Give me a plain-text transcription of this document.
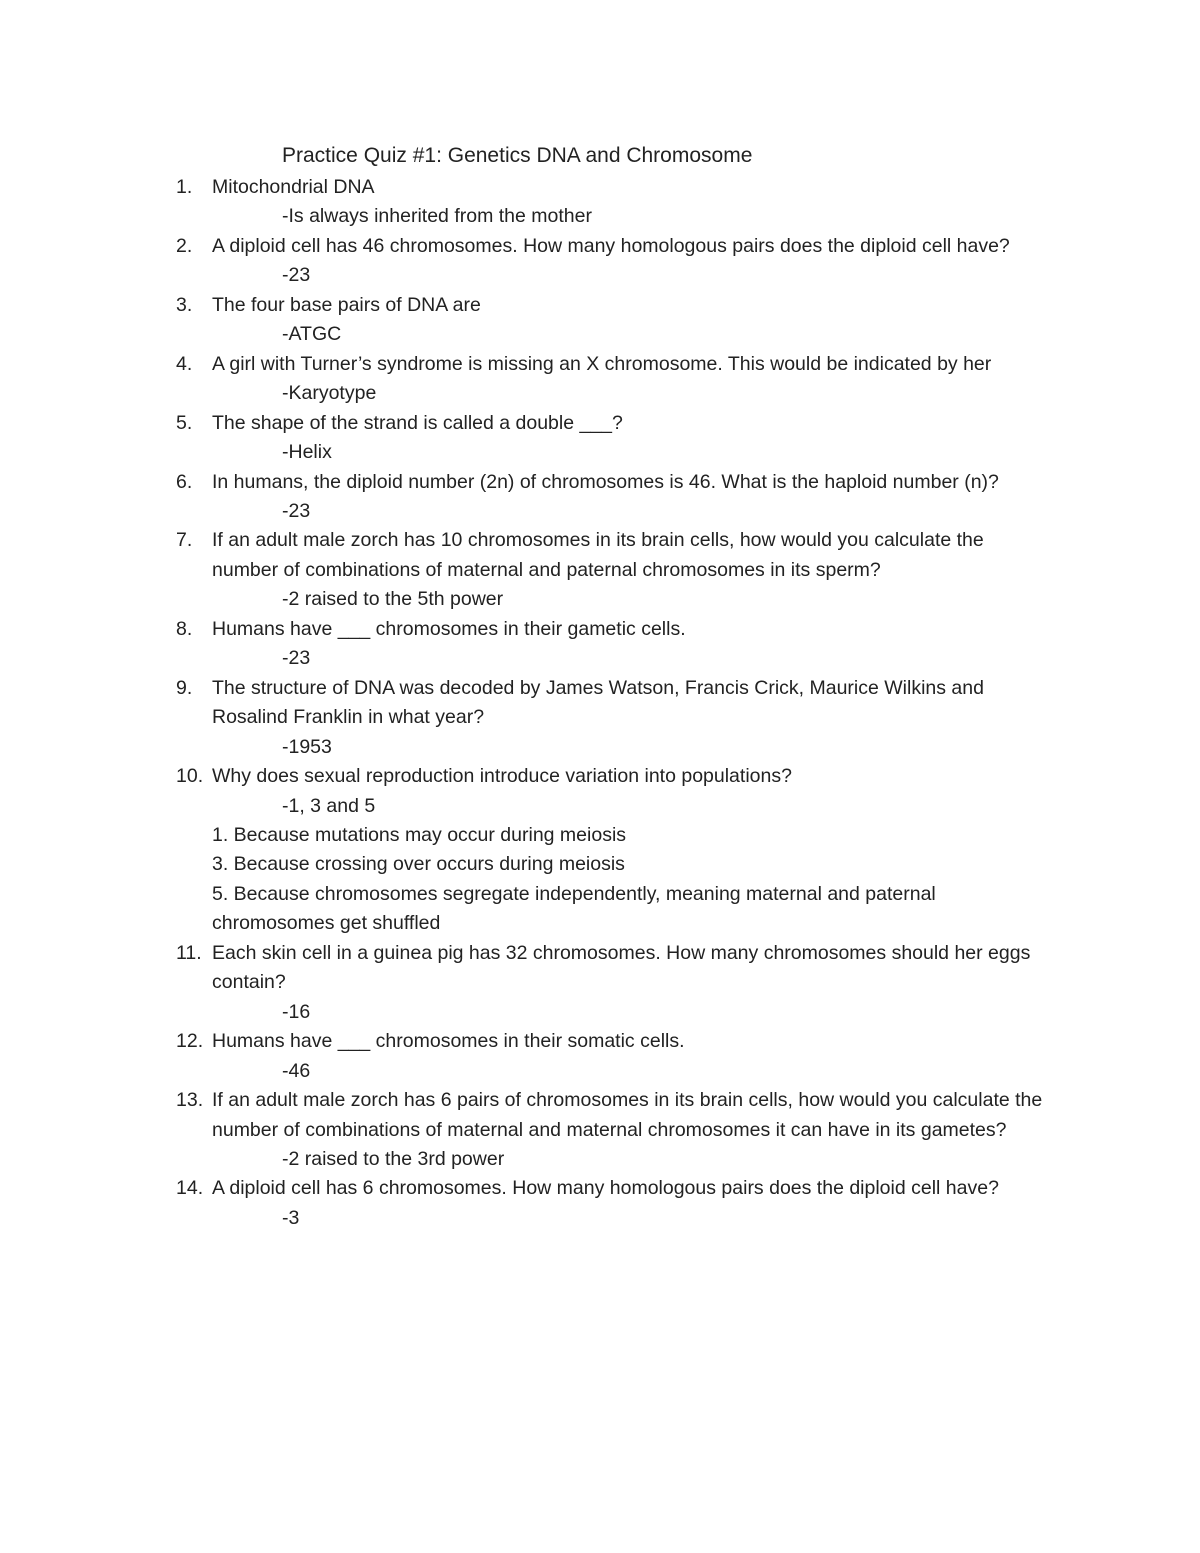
Practice Quiz #1: Genetics DNA and Chromosome
1. Mitochondrial DNA
-Is always inherited from the mother
2. A diploid cell has 46 chromosomes. How many homologous pairs does the diploid cell have?
-23
3. The four base pairs of DNA are
-ATGC
4. A girl with Turner’s syndrome is missing an X chromosome. This would be indicated by her
-Karyotype
5. The shape of the strand is called a double ___?
-Helix
6. In humans, the diploid number (2n) of chromosomes is 46. What is the haploid number (n)?
-23
7. If an adult male zorch has 10 chromosomes in its brain cells, how would you calculate the number of combinations of maternal and paternal chromosomes in its sperm?
-2 raised to the 5th power
8. Humans have ___ chromosomes in their gametic cells.
-23
9. The structure of DNA was decoded by James Watson, Francis Crick, Maurice Wilkins and Rosalind Franklin in what year?
-1953
10. Why does sexual reproduction introduce variation into populations?
-1, 3 and 5
1. Because mutations may occur during meiosis
3. Because crossing over occurs during meiosis
5. Because chromosomes segregate independently, meaning maternal and paternal chromosomes get shuffled
11. Each skin cell in a guinea pig has 32 chromosomes. How many chromosomes should her eggs contain?
-16
12. Humans have ___ chromosomes in their somatic cells.
-46
13. If an adult male zorch has 6 pairs of chromosomes in its brain cells, how would you calculate the number of combinations of maternal and maternal chromosomes it can have in its gametes?
-2 raised to the 3rd power
14. A diploid cell has 6 chromosomes. How many homologous pairs does the diploid cell have?
-3
